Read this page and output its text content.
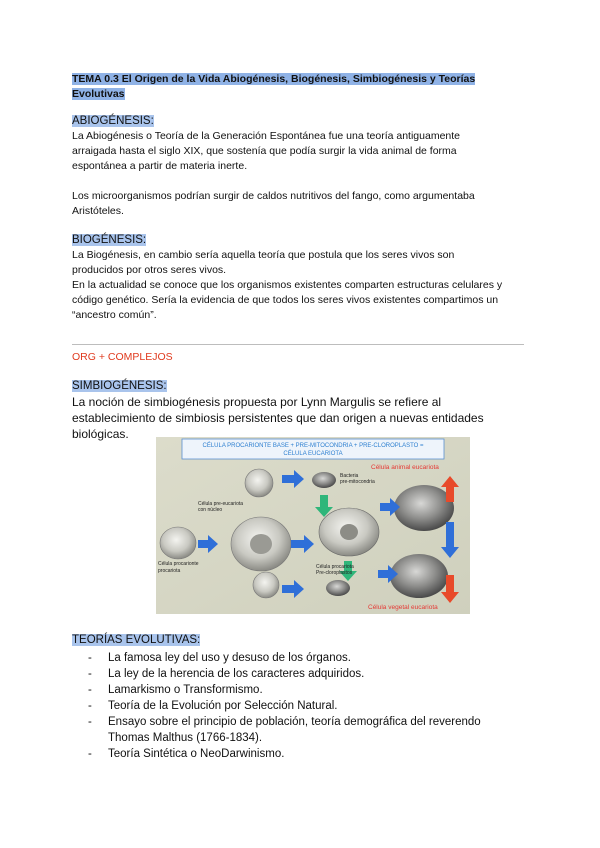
TEMA 0.3 El Origen de la Vida Abiogénesis, Biogénesis, Simbiogénesis y Teorías
Evolutivas
ABIOGÉNESIS:
La Abiogénesis o Teoría de la Generación Espontánea fue una teoría antiguamente
arraigada hasta el siglo XIX, que sostenía que podía surgir la vida animal de forma
espontánea a partir de materia inerte.
Los microorganismos podrían surgir de caldos nutritivos del fango, como argumentaba
Aristóteles.
BIOGÉNESIS:
La Biogénesis, en cambio sería aquella teoría que postula que los seres vivos son
producidos por otros seres vivos.
En la actualidad se conoce que los organismos existentes comparten estructuras celulares y
código genético. Sería la evidencia de que todos los seres vivos existentes compartimos un
“ancestro común”.
ORG + COMPLEJOS
SIMBIOGÉNESIS:
La noción de simbiogénesis propuesta por Lynn Margulis se refiere al
establecimiento de simbiosis persistentes que dan origen a nuevas entidades
biológicas.
CÉLULA PROCARIONTE BASE + PRE-MITOCONDRIA + PRE-CLOROPLASTO =
CÉLULA EUCARIOTA
Célula animal eucariota
Célula vegetal eucariota
Bacteria
pre-mitocondria
Célula pre-eucariota
con núcleo
Célula procarionte
procariota
Célula procariota
Pre-cloroplastos
TEORÍAS EVOLUTIVAS:
- La famosa ley del uso y desuso de los órganos.
- La ley de la herencia de los caracteres adquiridos.
- Lamarkismo o Transformismo.
- Teoría de la Evolución por Selección Natural.
- Ensayo sobre el principio de población, teoría demográfica del reverendo
Thomas Malthus (1766-1834).
- Teoría Sintética o NeoDarwinismo.
